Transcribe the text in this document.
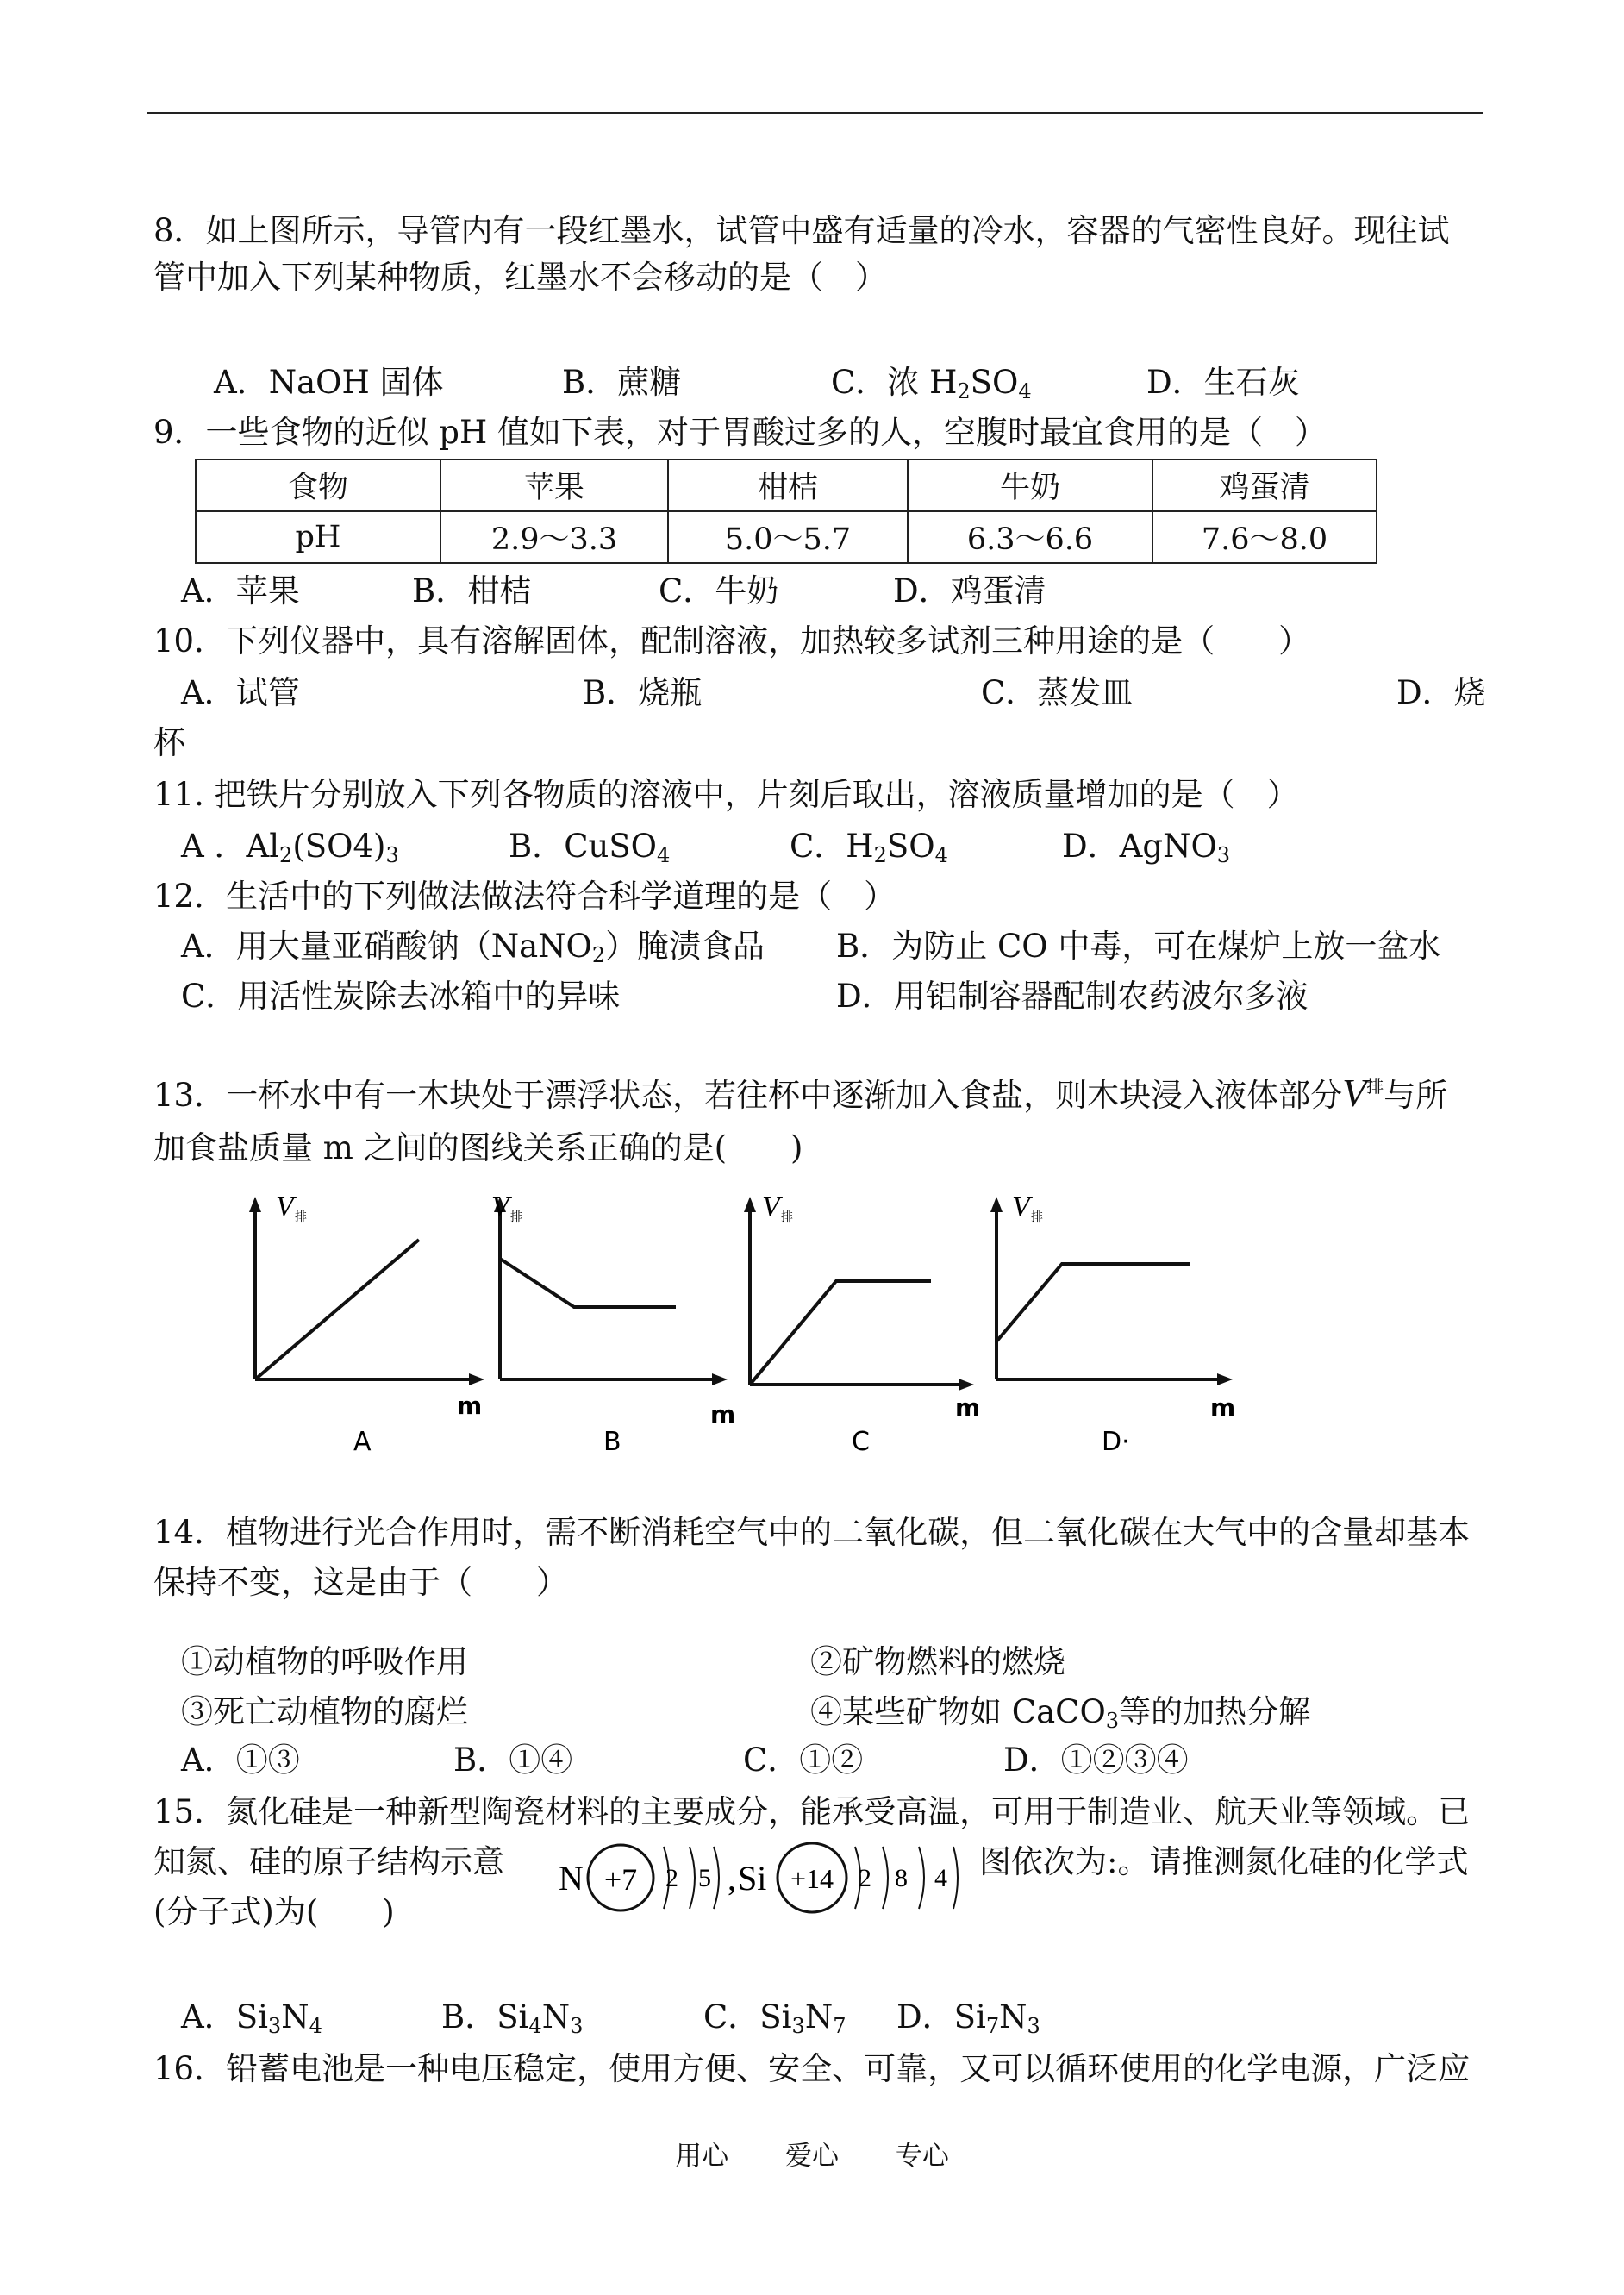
8．如上图所示，导管内有一段红墨水，试管中盛有适量的冷水，容器的气密性良好。现往试
管中加入下列某种物质，红墨水不会移动的是（　）
A．NaOH 固体	B．蔗糖	C．浓 $H_2SO_4$	D．生石灰
9．一些食物的近似 pH 值如下表，对于胃酸过多的人，空腹时最宜食用的是（　）
食物	苹果	柑桔	牛奶	鸡蛋清
pH	2.9～3.3	5.0～5.7	6.3～6.6	7.6～8.0
A．苹果	B．柑桔	C．牛奶	D．鸡蛋清
10．下列仪器中，具有溶解固体，配制溶液，加热较多试剂三种用途的是（　　）
A．试管	B．烧瓶	C．蒸发皿	D．烧
杯
11. 把铁片分别放入下列各物质的溶液中，片刻后取出，溶液质量增加的是（　）
A ．$Al_2(SO4)_3$	B．CuSO$_4$	C．$H_2SO_4$	D．AgNO$_3$
12．生活中的下列做法做法符合科学道理的是（　）
A．用大量亚硝酸钠（NaNO$_2$）腌渍食品 B．为防止 CO 中毒，可在煤炉上放一盆水
C．用活性炭除去冰箱中的异味	D．用铝制容器配制农药波尔多液
13．一杯水中有一木块处于漂浮状态，若往杯中逐渐加入食盐，则木块浸入液体部分$V_排$与所
加食盐质量 m 之间的图线关系正确的是(　　)
V 排
m
A
V 排
m
B
V 排
m
C
V 排
m
D·
14．植物进行光合作用时，需不断消耗空气中的二氧化碳，但二氧化碳在大气中的含量却基本
保持不变，这是由于（　　）
①动植物的呼吸作用	②矿物燃料的燃烧
③死亡动植物的腐烂	④某些矿物如 CaCO$_3$等的加热分解
A．①③	B．①④	C．①②	D．①②③④
15．氮化硅是一种新型陶瓷材料的主要成分，能承受高温，可用于制造业、航天业等领域。已
知氮、硅的原子结构示意	图依次为:。请推测氮化硅的化学式
(分子式)为(　　)
N +7 2 5 , Si +14 2 8 4
A．$Si_3N_4$	B．$Si_4N_3$	C．$Si_3N_7$ D．$Si_7N_3$
16．铅蓄电池是一种电压稳定，使用方便、安全、可靠，又可以循环使用的化学电源，广泛应
用心 爱心 专心
